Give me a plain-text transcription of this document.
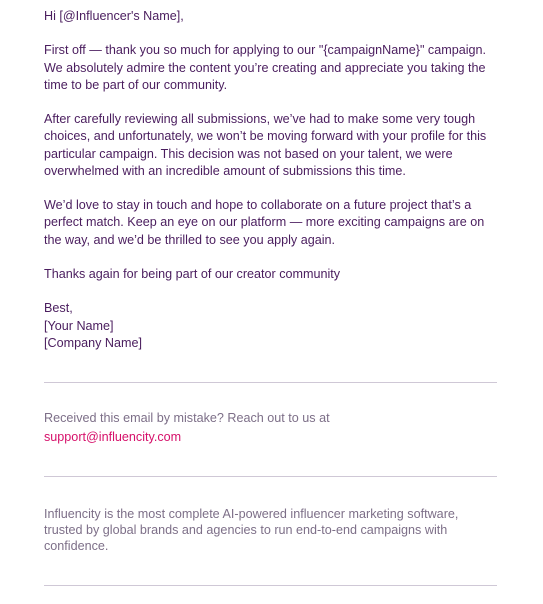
Hi [@Influencer's Name],

First off — thank you so much for applying to our "{campaignName}" campaign. We absolutely admire the content you’re creating and appreciate you taking the time to be part of our community.

After carefully reviewing all submissions, we’ve had to make some very tough choices, and unfortunately, we won’t be moving forward with your profile for this particular campaign. This decision was not based on your talent, we were overwhelmed with an incredible amount of submissions this time.

We’d love to stay in touch and hope to collaborate on a future project that’s a perfect match. Keep an eye on our platform — more exciting campaigns are on the way, and we’d be thrilled to see you apply again.

Thanks again for being part of our creator community

Best,
[Your Name]
[Company Name]
Received this email by mistake? Reach out to us at
support@influencity.com
Influencity is the most complete AI-powered influencer marketing software, trusted by global brands and agencies to run end-to-end campaigns with confidence.
